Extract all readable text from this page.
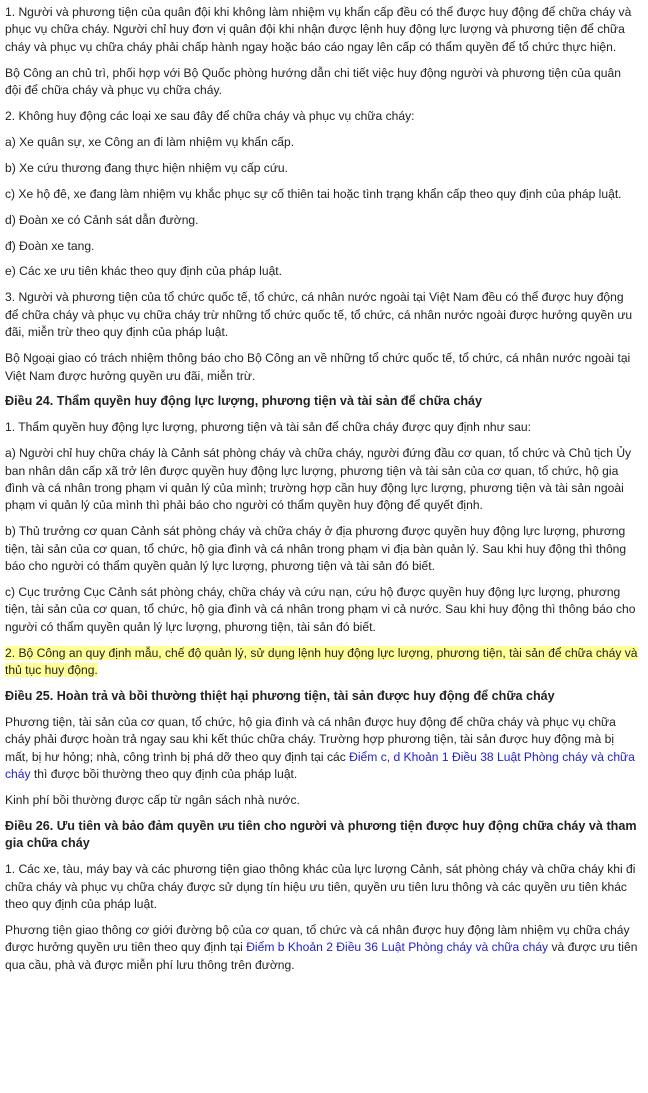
1. Người và phương tiện của quân đội khi không làm nhiệm vụ khẩn cấp đều có thể được huy động để chữa cháy và phục vụ chữa cháy. Người chỉ huy đơn vị quân đội khi nhận được lệnh huy động lực lượng và phương tiện để chữa cháy và phục vụ chữa cháy phải chấp hành ngay hoặc báo cáo ngay lên cấp có thẩm quyền để tổ chức thực hiện.

Bộ Công an chủ trì, phối hợp với Bộ Quốc phòng hướng dẫn chi tiết việc huy động người và phương tiện của quân đội để chữa cháy và phục vụ chữa cháy.

2. Không huy động các loại xe sau đây để chữa cháy và phục vụ chữa cháy:

a) Xe quân sự, xe Công an đi làm nhiệm vụ khẩn cấp.

b) Xe cứu thương đang thực hiện nhiệm vụ cấp cứu.

c) Xe hộ đê, xe đang làm nhiệm vụ khắc phục sự cố thiên tai hoặc tình trạng khẩn cấp theo quy định của pháp luật.

d) Đoàn xe có Cảnh sát dẫn đường.

đ) Đoàn xe tang.

e) Các xe ưu tiên khác theo quy định của pháp luật.

3. Người và phương tiện của tổ chức quốc tế, tổ chức, cá nhân nước ngoài tại Việt Nam đều có thể được huy động để chữa cháy và phục vụ chữa cháy trừ những tổ chức quốc tế, tổ chức, cá nhân nước ngoài được hưởng quyền ưu đãi, miễn trừ theo quy định của pháp luật.

Bộ Ngoại giao có trách nhiệm thông báo cho Bộ Công an về những tổ chức quốc tế, tổ chức, cá nhân nước ngoài tại Việt Nam được hưởng quyền ưu đãi, miễn trừ.

Điều 24. Thẩm quyền huy động lực lượng, phương tiện và tài sản để chữa cháy

1. Thẩm quyền huy động lực lượng, phương tiện và tài sản để chữa cháy được quy định như sau:

a) Người chỉ huy chữa cháy là Cảnh sát phòng cháy và chữa cháy, người đứng đầu cơ quan, tổ chức và Chủ tịch Ủy ban nhân dân cấp xã trở lên được quyền huy động lực lượng, phương tiện và tài sản của cơ quan, tổ chức, hộ gia đình và cá nhân trong phạm vi quản lý của mình; trường hợp cần huy động lực lượng, phương tiện và tài sản ngoài phạm vi quản lý của mình thì phải báo cho người có thẩm quyền huy động để quyết định.

b) Thủ trưởng cơ quan Cảnh sát phòng cháy và chữa cháy ở địa phương được quyền huy động lực lượng, phương tiện, tài sản của cơ quan, tổ chức, hộ gia đình và cá nhân trong phạm vi địa bàn quản lý. Sau khi huy động thì thông báo cho người có thẩm quyền quản lý lực lượng, phương tiện và tài sản đó biết.

c) Cục trưởng Cục Cảnh sát phòng cháy, chữa cháy và cứu nạn, cứu hộ được quyền huy động lực lượng, phương tiện, tài sản của cơ quan, tổ chức, hộ gia đình và cá nhân trong phạm vi cả nước. Sau khi huy động thì thông báo cho người có thẩm quyền quản lý lực lượng, phương tiện, tài sản đó biết.

2. Bộ Công an quy định mẫu, chế độ quản lý, sử dụng lệnh huy động lực lượng, phương tiện, tài sản để chữa cháy và thủ tục huy động.

Điều 25. Hoàn trả và bồi thường thiệt hại phương tiện, tài sản được huy động để chữa cháy

Phương tiện, tài sản của cơ quan, tổ chức, hộ gia đình và cá nhân được huy động để chữa cháy và phục vụ chữa cháy phải được hoàn trả ngay sau khi kết thúc chữa cháy. Trường hợp phương tiện, tài sản được huy động mà bị mất, bị hư hỏng; nhà, công trình bị phá dỡ theo quy định tại các Điểm c, d Khoản 1 Điều 38 Luật Phòng cháy và chữa cháy thì được bồi thường theo quy định của pháp luật.

Kinh phí bồi thường được cấp từ ngân sách nhà nước.

Điều 26. Ưu tiên và bảo đảm quyền ưu tiên cho người và phương tiện được huy động chữa cháy và tham gia chữa cháy

1. Các xe, tàu, máy bay và các phương tiện giao thông khác của lực lượng Cảnh, sát phòng cháy và chữa cháy khi đi chữa cháy và phục vụ chữa cháy được sử dụng tín hiệu ưu tiên, quyền ưu tiên lưu thông và các quyền ưu tiên khác theo quy định của pháp luật.

Phương tiện giao thông cơ giới đường bộ của cơ quan, tổ chức và cá nhân được huy động làm nhiệm vụ chữa cháy được hưởng quyền ưu tiên theo quy định tại Điểm b Khoản 2 Điều 36 Luật Phòng cháy và chữa cháy và được ưu tiên qua cầu, phà và được miễn phí lưu thông trên đường.
